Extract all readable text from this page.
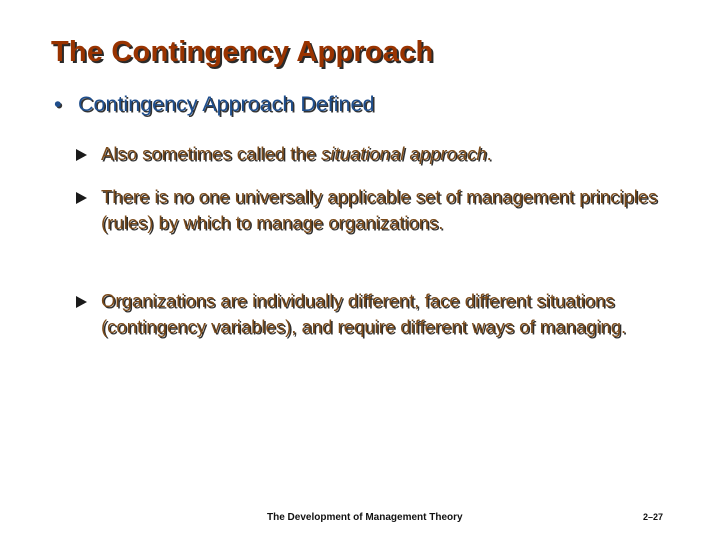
The Contingency Approach
• Contingency Approach Defined
Also sometimes called the situational approach.
There is no one universally applicable set of management principles (rules) by which to manage organizations.
Organizations are individually different, face different situations (contingency variables), and require different ways of managing.
The Development of Management Theory	2–27
